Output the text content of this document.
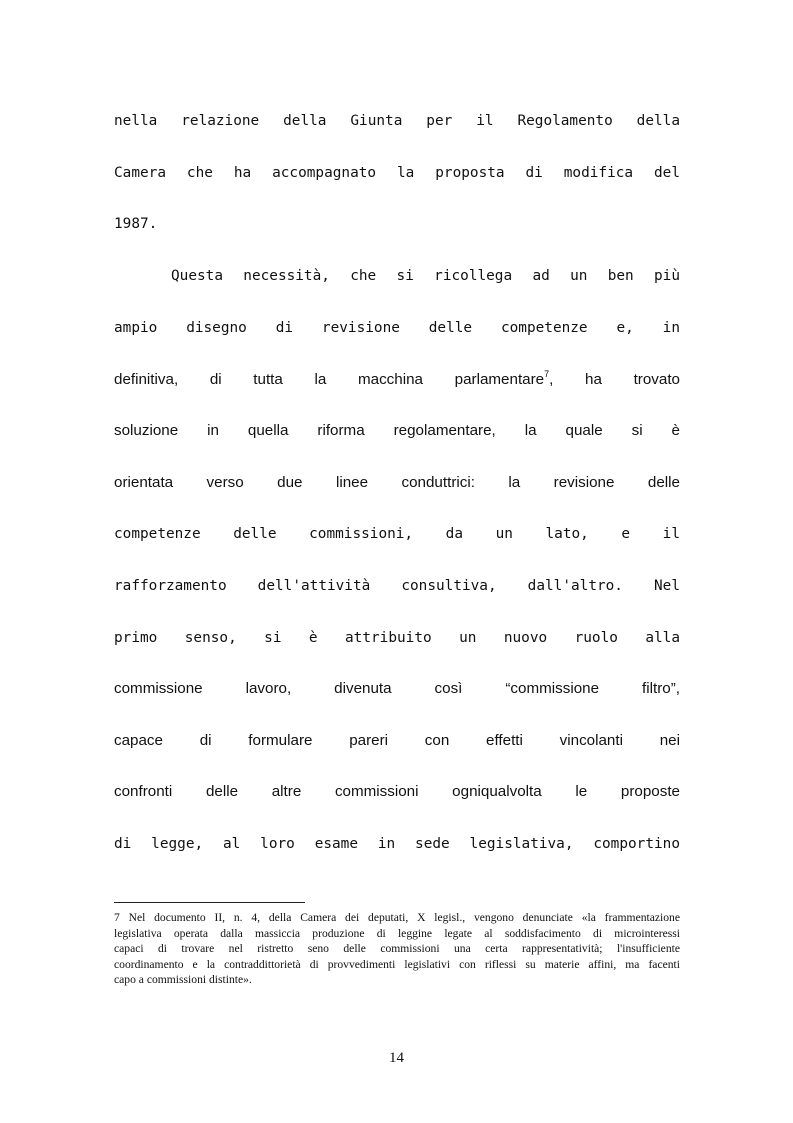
nella relazione della Giunta per il Regolamento della
Camera che ha accompagnato la proposta di modifica del
1987.
Questa necessità, che si ricollega ad un ben più
ampio disegno di revisione delle competenze e, in
definitiva, di tutta la macchina parlamentare$^7$, ha trovato
soluzione in quella riforma regolamentare, la quale si è
orientata verso due linee conduttrici: la revisione delle
competenze delle commissioni, da un lato, e il
rafforzamento dell'attività consultiva, dall'altro. Nel
primo senso, si è attribuito un nuovo ruolo alla
commissione lavoro, divenuta così “commissione filtro”,
capace di formulare pareri con effetti vincolanti nei
confronti delle altre commissioni ogniqualvolta le proposte
di legge, al loro esame in sede legislativa, comportino
7 Nel documento II, n. 4, della Camera dei deputati, X legisl., vengono denunciate «la frammentazione
legislativa operata dalla massiccia produzione di leggine legate al soddisfacimento di microinteressi
capaci di trovare nel ristretto seno delle commissioni una certa rappresentatività; l'insufficiente
coordinamento e la contraddittorietà di provvedimenti legislativi con riflessi su materie affini, ma facenti
capo a commissioni distinte».
14
